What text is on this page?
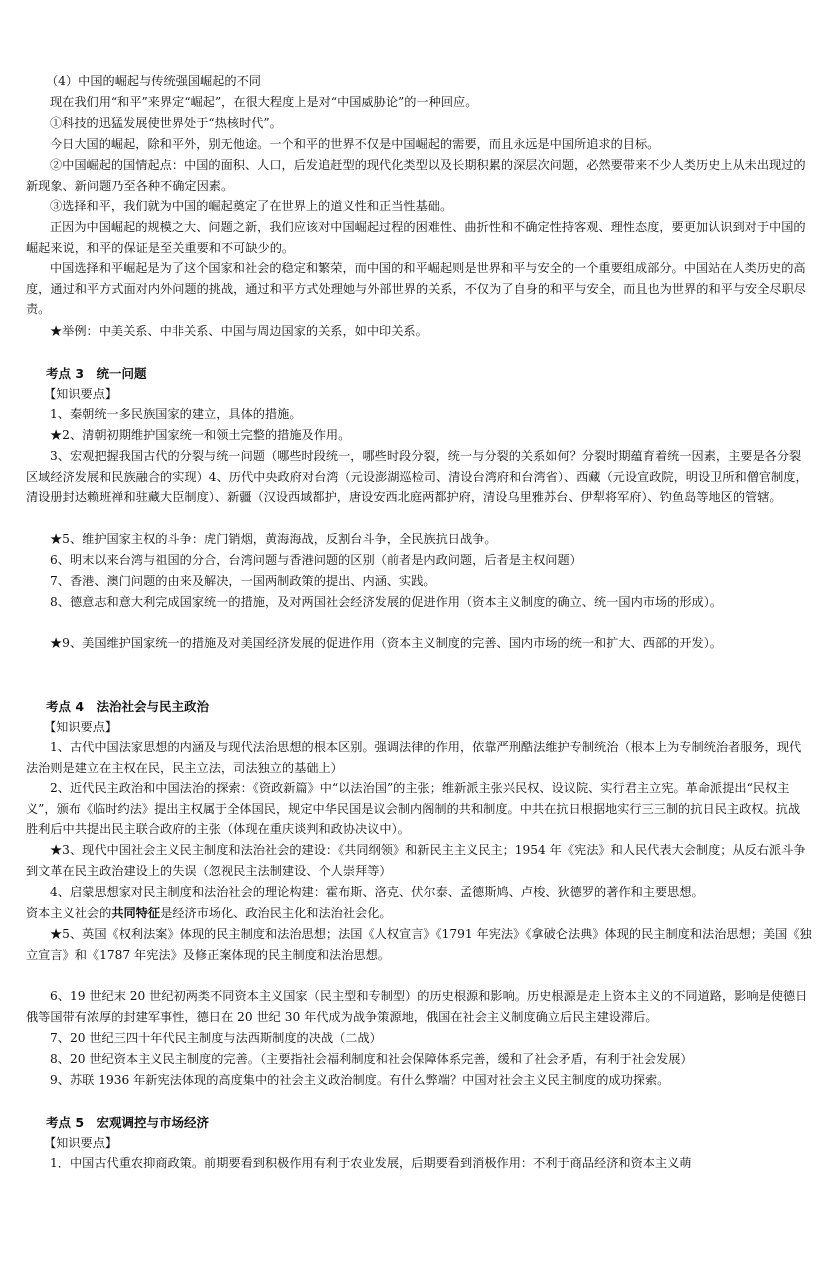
（4）中国的崛起与传统强国崛起的不同
现在我们用“和平”来界定“崛起”，在很大程度上是对“中国威胁论”的一种回应。
①科技的迅猛发展使世界处于“热核时代”。
今日大国的崛起，除和平外，别无他途。一个和平的世界不仅是中国崛起的需要，而且永远是中国所追求的目标。
②中国崛起的国情起点：中国的面积、人口，后发追赶型的现代化类型以及长期积累的深层次问题，必然要带来不少人类历史上从未出现过的新现象、新问题乃至各种不确定因素。
③选择和平，我们就为中国的崛起奠定了在世界上的道义性和正当性基础。
正因为中国崛起的规模之大、问题之新，我们应该对中国崛起过程的困难性、曲折性和不确定性持客观、理性态度，要更加认识到对于中国的崛起来说，和平的保证是至关重要和不可缺少的。
中国选择和平崛起是为了这个国家和社会的稳定和繁荣，而中国的和平崛起则是世界和平与安全的一个重要组成部分。中国站在人类历史的高度，通过和平方式面对内外问题的挑战，通过和平方式处理她与外部世界的关系，不仅为了自身的和平与安全，而且也为世界的和平与安全尽职尽责。
★举例：中美关系、中非关系、中国与周边国家的关系，如中印关系。
考点 3　统一问题
【知识要点】
1、秦朝统一多民族国家的建立，具体的措施。
★2、清朝初期维护国家统一和领土完整的措施及作用。
3、宏观把握我国古代的分裂与统一问题（哪些时段统一，哪些时段分裂，统一与分裂的关系如何？分裂时期蕴育着统一因素，主要是各分裂区域经济发展和民族融合的实现）4、历代中央政府对台湾（元设澎湖巡检司、清设台湾府和台湾省）、西藏（元设宣政院，明设卫所和僧官制度，清设册封达赖班禅和驻藏大臣制度）、新疆（汉设西域都护，唐设安西北庭两都护府，清设乌里雅苏台、伊犁将军府）、钓鱼岛等地区的管辖。
★5、维护国家主权的斗争：虎门销烟，黄海海战，反割台斗争，全民族抗日战争。
6、明末以来台湾与祖国的分合，台湾问题与香港问题的区别（前者是内政问题，后者是主权问题）
7、香港、澳门问题的由来及解决，一国两制政策的提出、内涵、实践。
8、德意志和意大利完成国家统一的措施，及对两国社会经济发展的促进作用（资本主义制度的确立、统一国内市场的形成）。
★9、美国维护国家统一的措施及对美国经济发展的促进作用（资本主义制度的完善、国内市场的统一和扩大、西部的开发）。
考点 4　法治社会与民主政治
【知识要点】
1、古代中国法家思想的内涵及与现代法治思想的根本区别。强调法律的作用，依靠严刑酷法维护专制统治（根本上为专制统治者服务，现代法治则是建立在主权在民，民主立法，司法独立的基础上）
2、近代民主政治和中国法治的探索：《资政新篇》中“以法治国”的主张；维新派主张兴民权、设议院、实行君主立宪。革命派提出“民权主义”，颁布《临时约法》提出主权属于全体国民，规定中华民国是议会制内阁制的共和制度。中共在抗日根据地实行三三制的抗日民主政权。抗战胜利后中共提出民主联合政府的主张（体现在重庆谈判和政协决议中）。
★3、现代中国社会主义民主制度和法治社会的建设：《共同纲领》和新民主主义民主；1954 年《宪法》和人民代表大会制度；从反右派斗争到文革在民主政治建设上的失误（忽视民主法制建设、个人崇拜等）
4、启蒙思想家对民主制度和法治社会的理论构建：霍布斯、洛克、伏尔泰、孟德斯鸠、卢梭、狄德罗的著作和主要思想。
资本主义社会的共同特征是经济市场化、政治民主化和法治社会化。
★5、英国《权利法案》体现的民主制度和法治思想；法国《人权宣言》《1791 年宪法》《拿破仑法典》体现的民主制度和法治思想；美国《独立宣言》和《1787 年宪法》及修正案体现的民主制度和法治思想。
6、19 世纪末 20 世纪初两类不同资本主义国家（民主型和专制型）的历史根源和影响。历史根源是走上资本主义的不同道路，影响是使德日俄等国带有浓厚的封建军事性，德日在 20 世纪 30 年代成为战争策源地，俄国在社会主义制度确立后民主建设滞后。
7、20 世纪三四十年代民主制度与法西斯制度的决战（二战）
8、20 世纪资本主义民主制度的完善。（主要指社会福利制度和社会保障体系完善，缓和了社会矛盾，有利于社会发展）
9、苏联 1936 年新宪法体现的高度集中的社会主义政治制度。有什么弊端？中国对社会主义民主制度的成功探索。
考点 5　宏观调控与市场经济
【知识要点】
1．中国古代重农抑商政策。前期要看到积极作用有利于农业发展，后期要看到消极作用：不利于商品经济和资本主义萌
